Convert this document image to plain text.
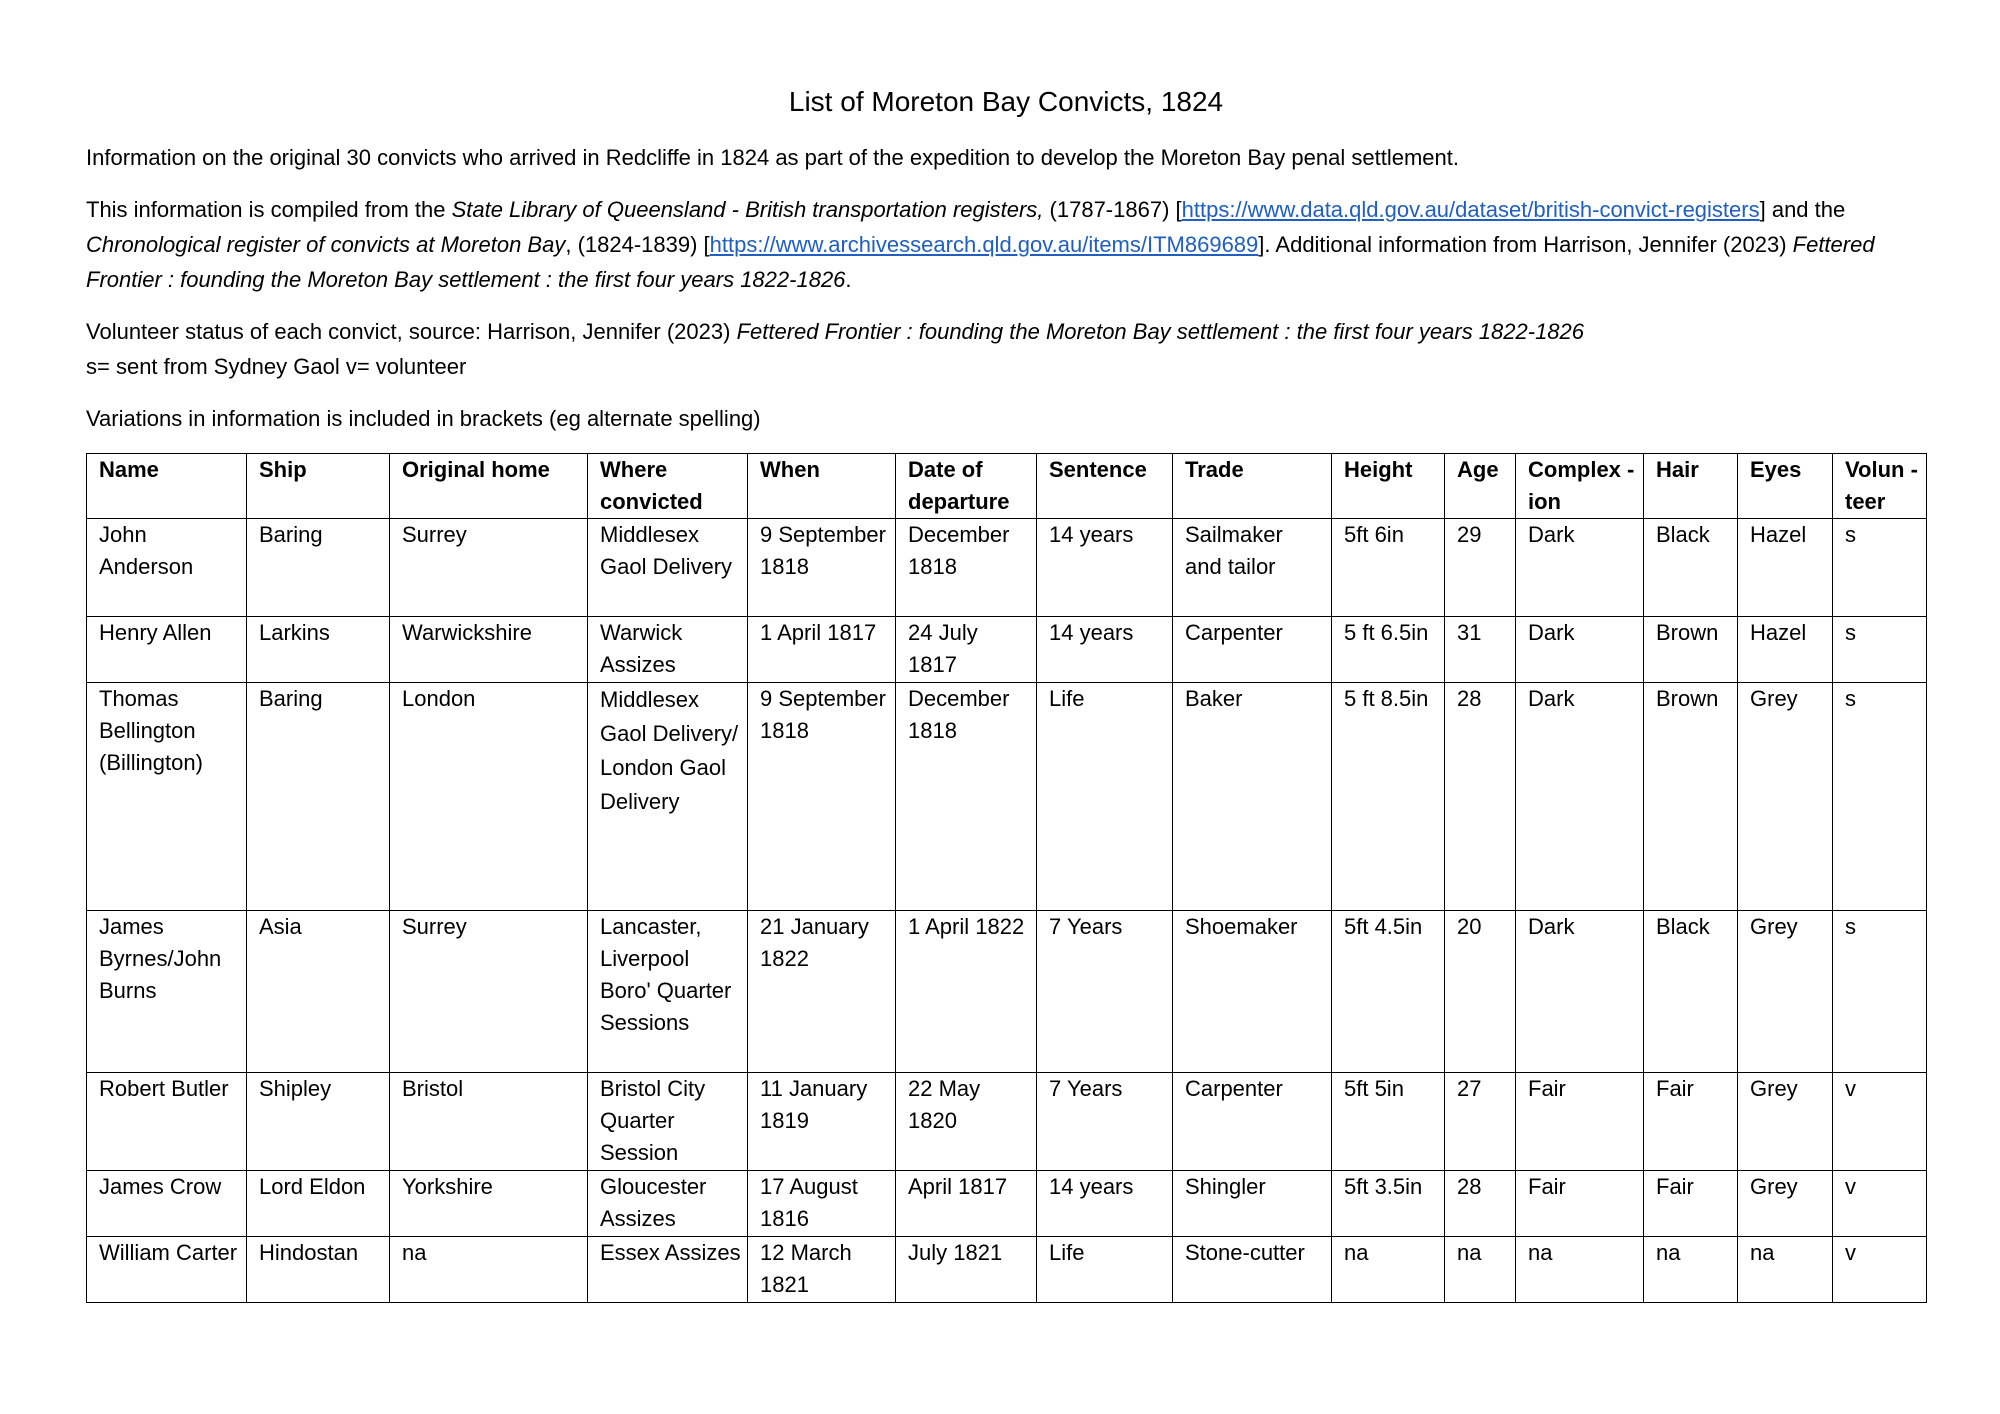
List of Moreton Bay Convicts, 1824

Information on the original 30 convicts who arrived in Redcliffe in 1824 as part of the expedition to develop the Moreton Bay penal settlement.

This information is compiled from the State Library of Queensland - British transportation registers, (1787-1867) [https://www.data.qld.gov.au/dataset/british-convict-registers] and the Chronological register of convicts at Moreton Bay, (1824-1839) [https://www.archivessearch.qld.gov.au/items/ITM869689]. Additional information from Harrison, Jennifer (2023) Fettered Frontier : founding the Moreton Bay settlement : the first four years 1822-1826.

Volunteer status of each convict, source: Harrison, Jennifer (2023) Fettered Frontier : founding the Moreton Bay settlement : the first four years 1822-1826

s= sent from Sydney Gaol v= volunteer

Variations in information is included in brackets (eg alternate spelling)

Name	Ship	Original home	Where convicted	When	Date of departure	Sentence	Trade	Height	Age	Complex -ion	Hair	Eyes	Volun -teer
John Anderson	Baring	Surrey	Middlesex Gaol Delivery	9 September 1818	December 1818	14 years	Sailmaker and tailor	5ft 6in	29	Dark	Black	Hazel	s
Henry Allen	Larkins	Warwickshire	Warwick Assizes	1 April 1817	24 July 1817	14 years	Carpenter	5 ft 6.5in	31	Dark	Brown	Hazel	s
Thomas Bellington (Billington)	Baring	London	Middlesex Gaol Delivery/ London Gaol Delivery	9 September 1818	December 1818	Life	Baker	5 ft 8.5in	28	Dark	Brown	Grey	s
James Byrnes/John Burns	Asia	Surrey	Lancaster, Liverpool Boro' Quarter Sessions	21 January 1822	1 April 1822	7 Years	Shoemaker	5ft 4.5in	20	Dark	Black	Grey	s
Robert Butler	Shipley	Bristol	Bristol City Quarter Session	11 January 1819	22 May 1820	7 Years	Carpenter	5ft 5in	27	Fair	Fair	Grey	v
James Crow	Lord Eldon	Yorkshire	Gloucester Assizes	17 August 1816	April 1817	14 years	Shingler	5ft 3.5in	28	Fair	Fair	Grey	v
William Carter	Hindostan	na	Essex Assizes	12 March 1821	July 1821	Life	Stone-cutter	na	na	na	na	na	v
